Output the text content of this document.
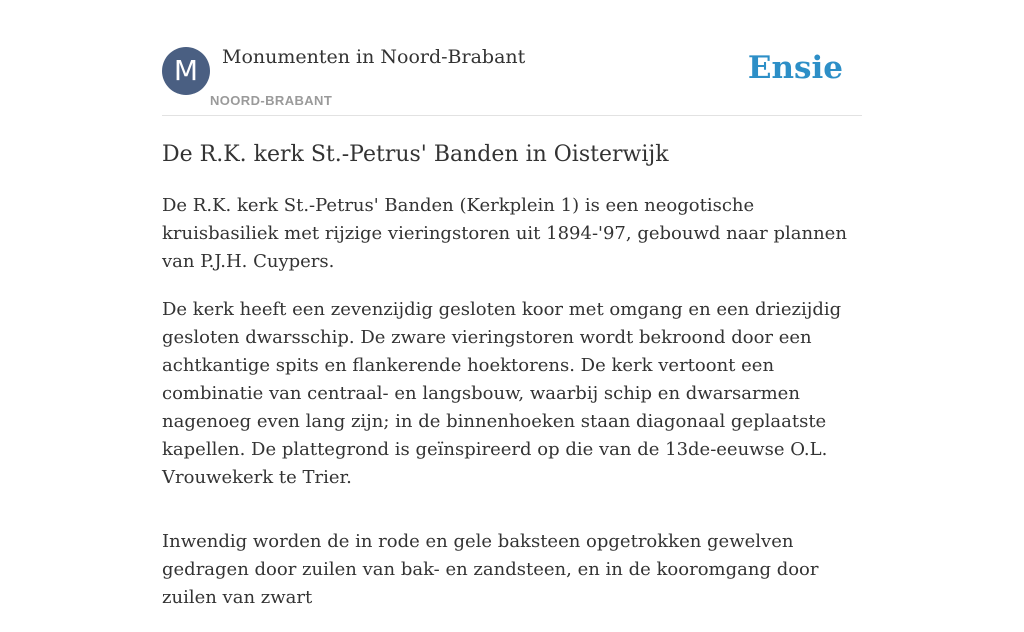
M Monumenten in Noord-Brabant
NOORD-BRABANT
Ensie
De R.K. kerk St.-Petrus' Banden in Oisterwijk

De R.K. kerk St.-Petrus' Banden (Kerkplein 1) is een neogotische kruisbasiliek met rijzige vieringstoren uit 1894-'97, gebouwd naar plannen van P.J.H. Cuypers.

De kerk heeft een zevenzijdig gesloten koor met omgang en een driezijdig gesloten dwarsschip. De zware vieringstoren wordt bekroond door een achtkantige spits en flankerende hoektorens. De kerk vertoont een combinatie van centraal- en langsbouw, waarbij schip en dwarsarmen nagenoeg even lang zijn; in de binnenhoeken staan diagonaal geplaatste kapellen. De plattegrond is geïnspireerd op die van de 13de-eeuwse O.L. Vrouwekerk te Trier.

Inwendig worden de in rode en gele baksteen opgetrokken gewelven gedragen door zuilen van bak- en zandsteen, en in de kooromgang door zuilen van zwart
